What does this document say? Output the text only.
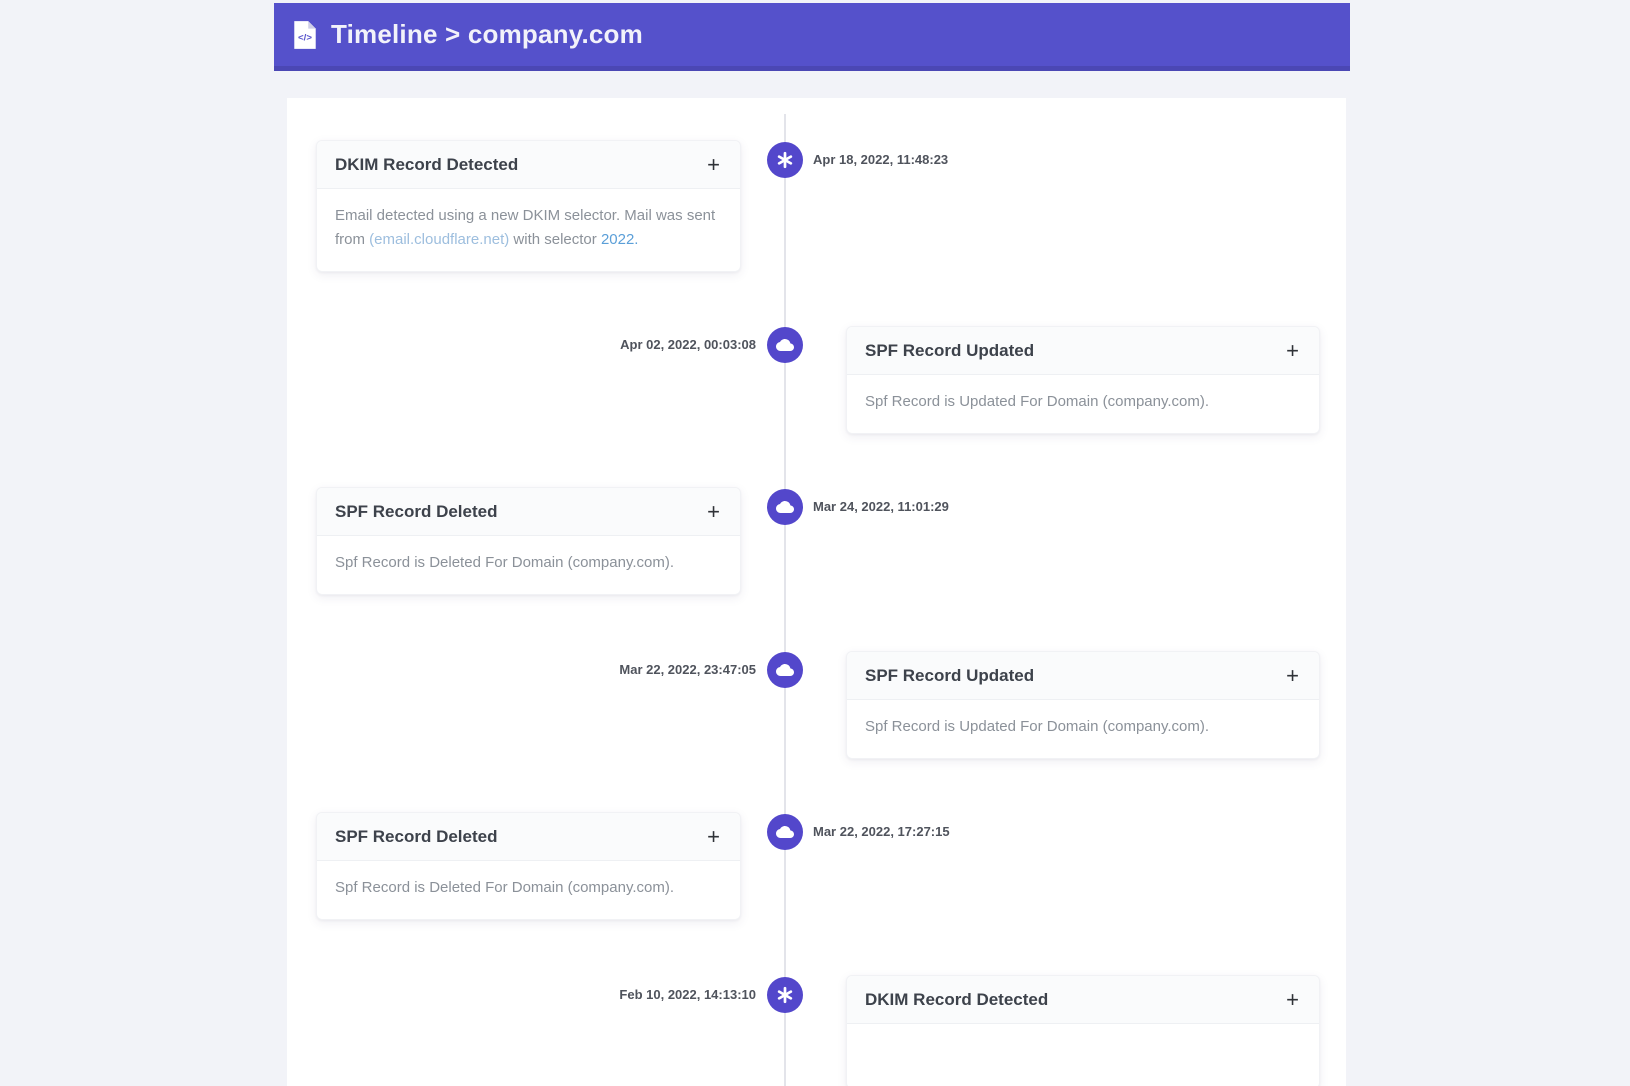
</> Timeline > company.com
DKIM Record Detected	+
Email detected using a new DKIM selector. Mail was sent from (email.cloudflare.net) with selector 2022.
Apr 18, 2022, 11:48:23
Apr 02, 2022, 00:03:08	SPF Record Updated	+
Spf Record is Updated For Domain (company.com).
SPF Record Deleted	+
Spf Record is Deleted For Domain (company.com).
Mar 24, 2022, 11:01:29
Mar 22, 2022, 23:47:05	SPF Record Updated	+
Spf Record is Updated For Domain (company.com).
SPF Record Deleted	+
Spf Record is Deleted For Domain (company.com).
Mar 22, 2022, 17:27:15
Feb 10, 2022, 14:13:10	DKIM Record Detected	+
